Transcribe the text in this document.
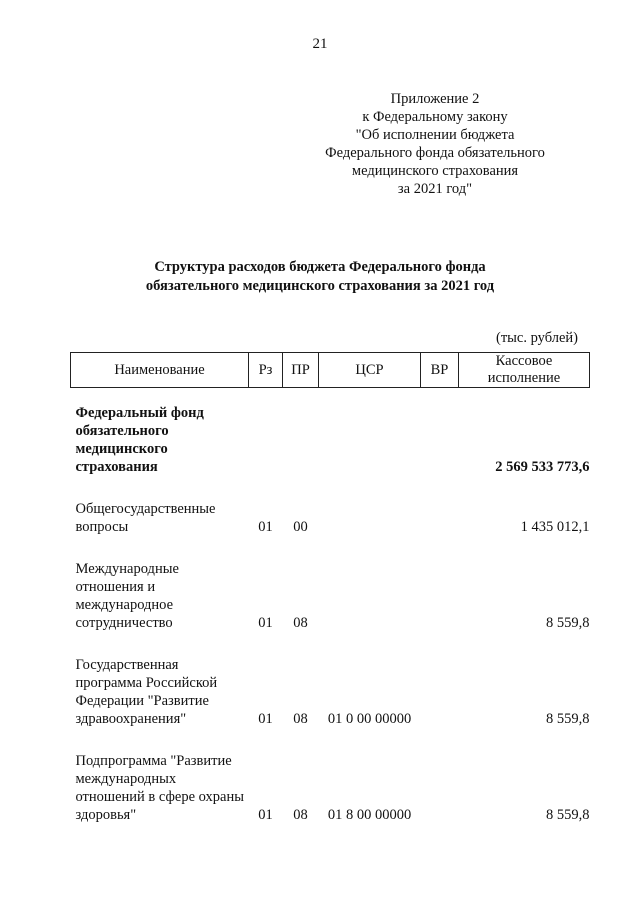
21
Приложение 2
к Федеральному закону
"Об исполнении бюджета
Федерального фонда обязательного
медицинского страхования
за 2021 год"
Структура расходов бюджета Федерального фонда
обязательного медицинского страхования за 2021 год
(тыс. рублей)
Наименование	Рз	ПР	ЦСР	ВР	Кассовое исполнение
Федеральный фонд обязательного медицинского страхования					2 569 533 773,6
Общегосударственные вопросы	01	00			1 435 012,1
Международные отношения и международное сотрудничество	01	08			8 559,8
Государственная программа Российской Федерации "Развитие здравоохранения"	01	08	01 0 00 00000		8 559,8
Подпрограмма "Развитие международных отношений в сфере охраны здоровья"	01	08	01 8 00 00000		8 559,8
